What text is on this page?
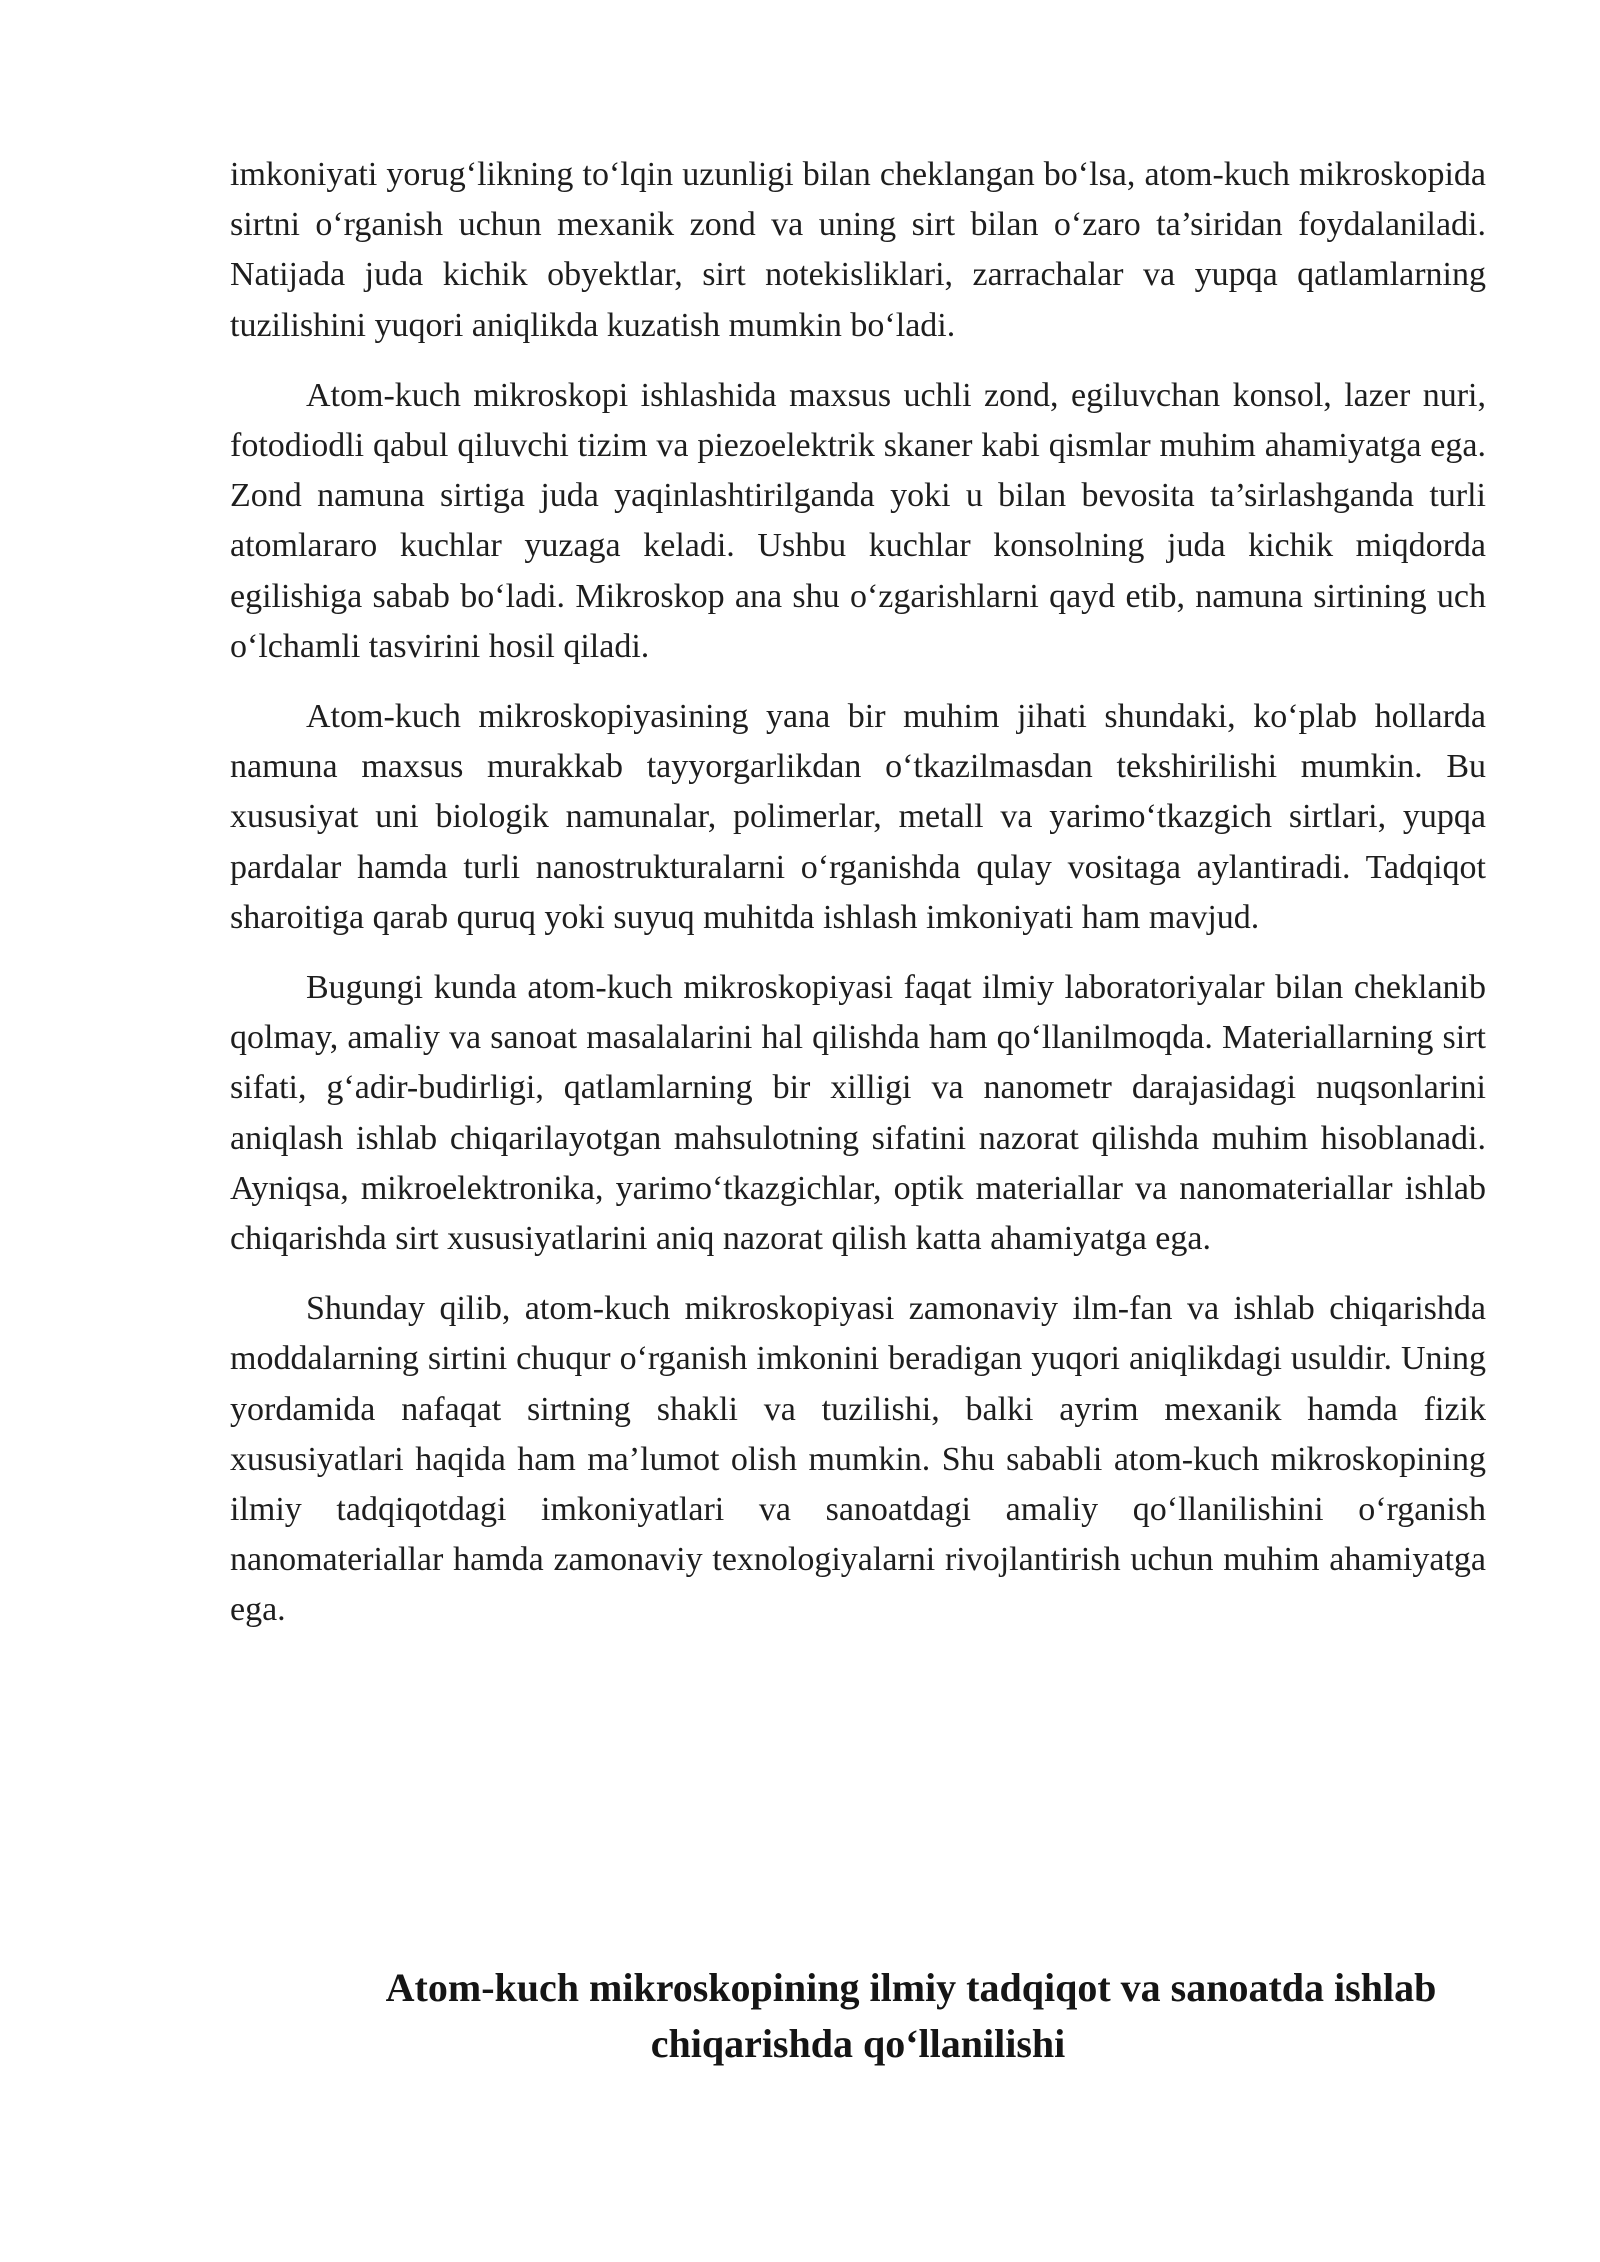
imkoniyati yorug‘likning to‘lqin uzunligi bilan cheklangan bo‘lsa, atom-kuch mikroskopida sirtni o‘rganish uchun mexanik zond va uning sirt bilan o‘zaro ta’siridan foydalaniladi. Natijada juda kichik obyektlar, sirt notekisliklari, zarrachalar va yupqa qatlamlarning tuzilishini yuqori aniqlikda kuzatish mumkin bo‘ladi.

Atom-kuch mikroskopi ishlashida maxsus uchli zond, egiluvchan konsol, lazer nuri, fotodiodli qabul qiluvchi tizim va piezoelektrik skaner kabi qismlar muhim ahamiyatga ega. Zond namuna sirtiga juda yaqinlashtirilganda yoki u bilan bevosita ta’sirlashganda turli atomlararo kuchlar yuzaga keladi. Ushbu kuchlar konsolning juda kichik miqdorda egilishiga sabab bo‘ladi. Mikroskop ana shu o‘zgarishlarni qayd etib, namuna sirtining uch o‘lchamli tasvirini hosil qiladi.

Atom-kuch mikroskopiyasining yana bir muhim jihati shundaki, ko‘plab hollarda namuna maxsus murakkab tayyorgarlikdan o‘tkazilmasdan tekshirilishi mumkin. Bu xususiyat uni biologik namunalar, polimerlar, metall va yarimo‘tkazgich sirtlari, yupqa pardalar hamda turli nanostrukturalarni o‘rganishda qulay vositaga aylantiradi. Tadqiqot sharoitiga qarab quruq yoki suyuq muhitda ishlash imkoniyati ham mavjud.

Bugungi kunda atom-kuch mikroskopiyasi faqat ilmiy laboratoriyalar bilan cheklanib qolmay, amaliy va sanoat masalalarini hal qilishda ham qo‘llanilmoqda. Materiallarning sirt sifati, g‘adir-budirligi, qatlamlarning bir xilligi va nanometr darajasidagi nuqsonlarini aniqlash ishlab chiqarilayotgan mahsulotning sifatini nazorat qilishda muhim hisoblanadi. Ayniqsa, mikroelektronika, yarimo‘tkazgichlar, optik materiallar va nanomateriallar ishlab chiqarishda sirt xususiyatlarini aniq nazorat qilish katta ahamiyatga ega.

Shunday qilib, atom-kuch mikroskopiyasi zamonaviy ilm-fan va ishlab chiqarishda moddalarning sirtini chuqur o‘rganish imkonini beradigan yuqori aniqlikdagi usuldir. Uning yordamida nafaqat sirtning shakli va tuzilishi, balki ayrim mexanik hamda fizik xususiyatlari haqida ham ma’lumot olish mumkin. Shu sababli atom-kuch mikroskopining ilmiy tadqiqotdagi imkoniyatlari va sanoatdagi amaliy qo‘llanilishini o‘rganish nanomateriallar hamda zamonaviy texnologiyalarni rivojlantirish uchun muhim ahamiyatga ega.

Atom-kuch mikroskopining ilmiy tadqiqot va sanoatda ishlab
chiqarishda qo‘llanilishi
